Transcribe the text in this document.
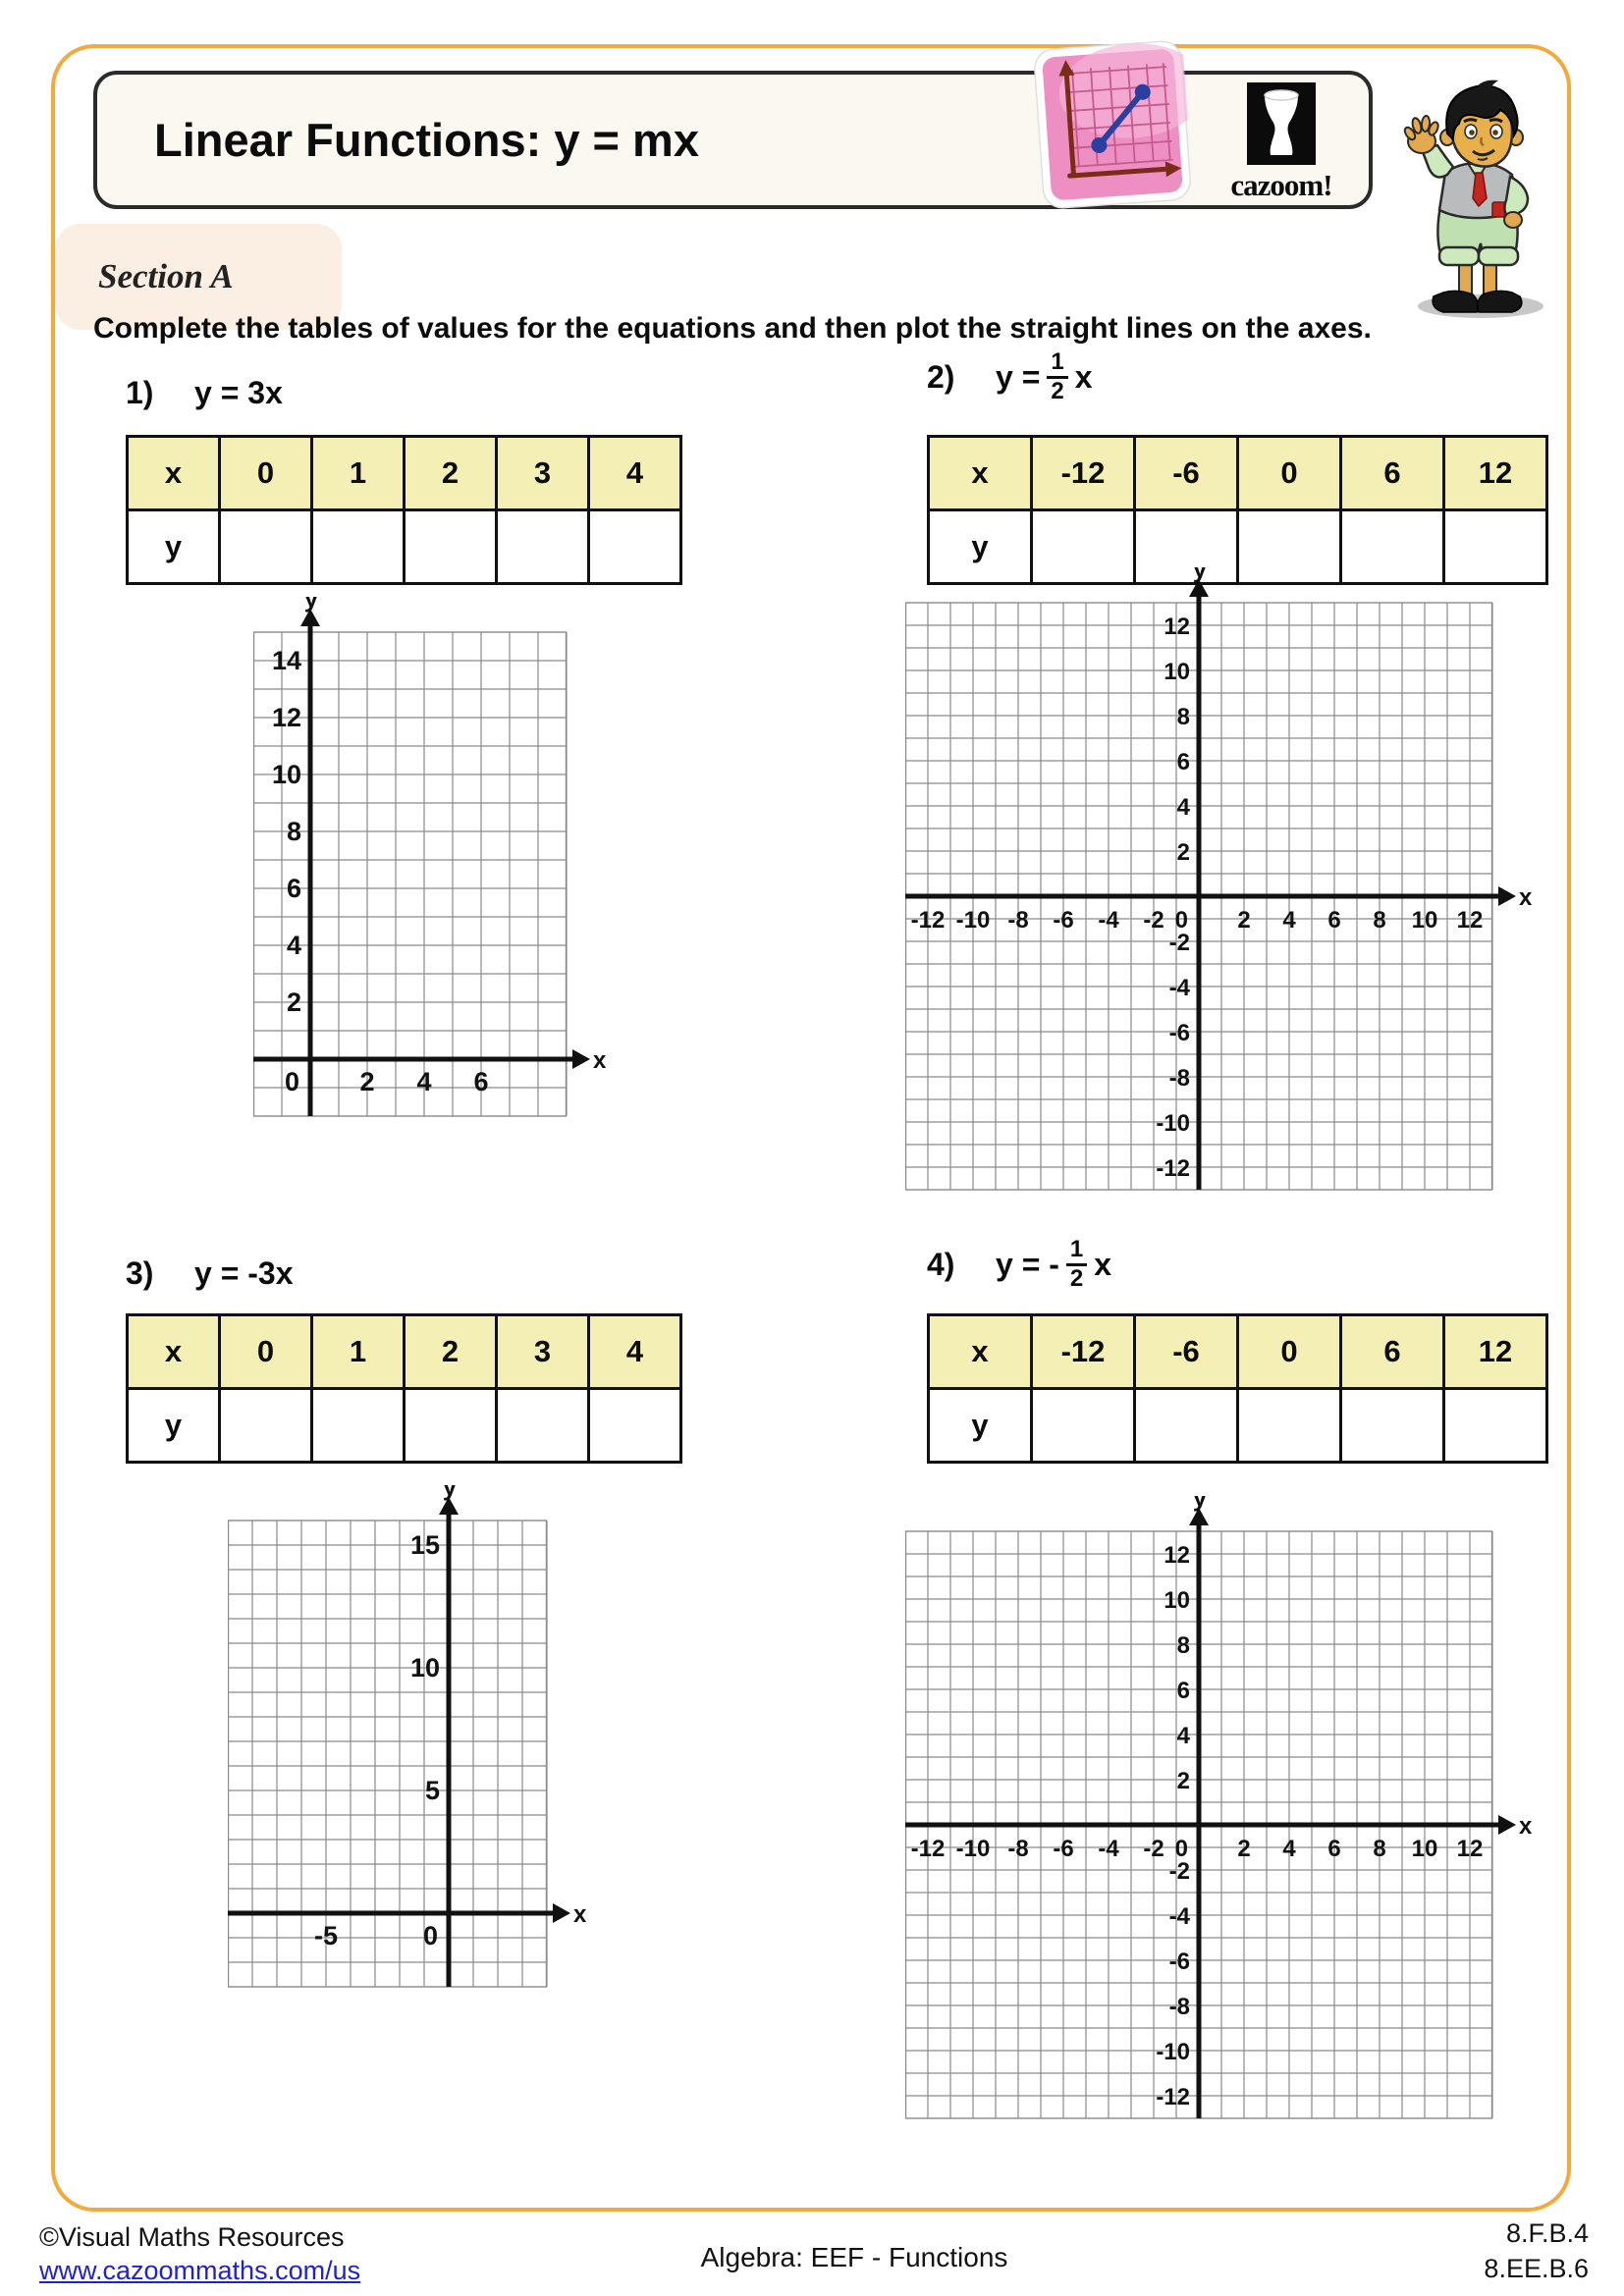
Linear Functions: y = mx
cazoom!
Section A
Complete the tables of values for the equations and then plot the straight lines on the axes.
1)	y = 3x
x	0	1	2	3	4
y					
y
x
2
4
6
8
10
12
14
2 4 6
0
2)	$y = \frac{1}{2}$ x
x	-12	-6	0	6	12
y					
y
x
-12
-10
-8
-6
-4
-2
2
4
6
8
10
12
-12 -10 -8 -6 -4 -2	2 4 6 8 10 12
0
3)	y = -3x
x	0	1	2	3	4
y					
y
x
5
10
15
-5	0
4)	y = - $\frac{1}{2}$ x
x	-12	-6	0	6	12
y					
y
x
-12
-10
-8
-6
-4
-2
2
4
6
8
10
12
-12 -10 -8 -6 -4 -2	2 4 6 8 10 12
0
©Visual Maths Resources
www.cazoommaths.com/us	Algebra: EEF - Functions
8.F.B.4
8.EE.B.6
